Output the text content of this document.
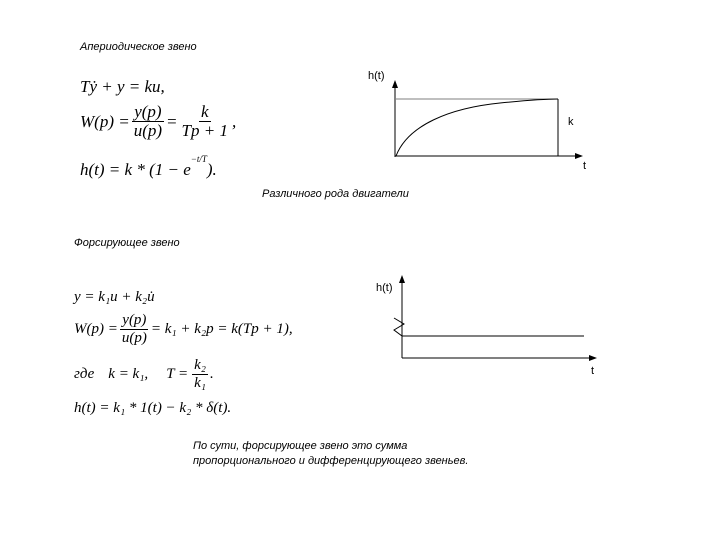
Апериодическое звено
Tẏ + y = ku,
$W(p) = \frac{y(p)}{u(p)} = \frac{k}{Tp + 1}$ ,
$h(t) = k * (1 - e^{-t/T})$.
h(t)
k
t
Различного рода двигатели
Форсирующее звено
y = k₁u + k₂u̇
$W(p) = \frac{y(p)}{u(p)} = k_1 + k_2p = k(Tp + 1)$,
где k = k₁, $T = \frac{\text{k₂}}{\text{k₁}}$ .
h(t) = k₁ * 1(t) − k₂ * δ(t).
h(t)
t
По сути, форсирующее звено это сумма
пропорционального и дифференцирующего звеньев.
